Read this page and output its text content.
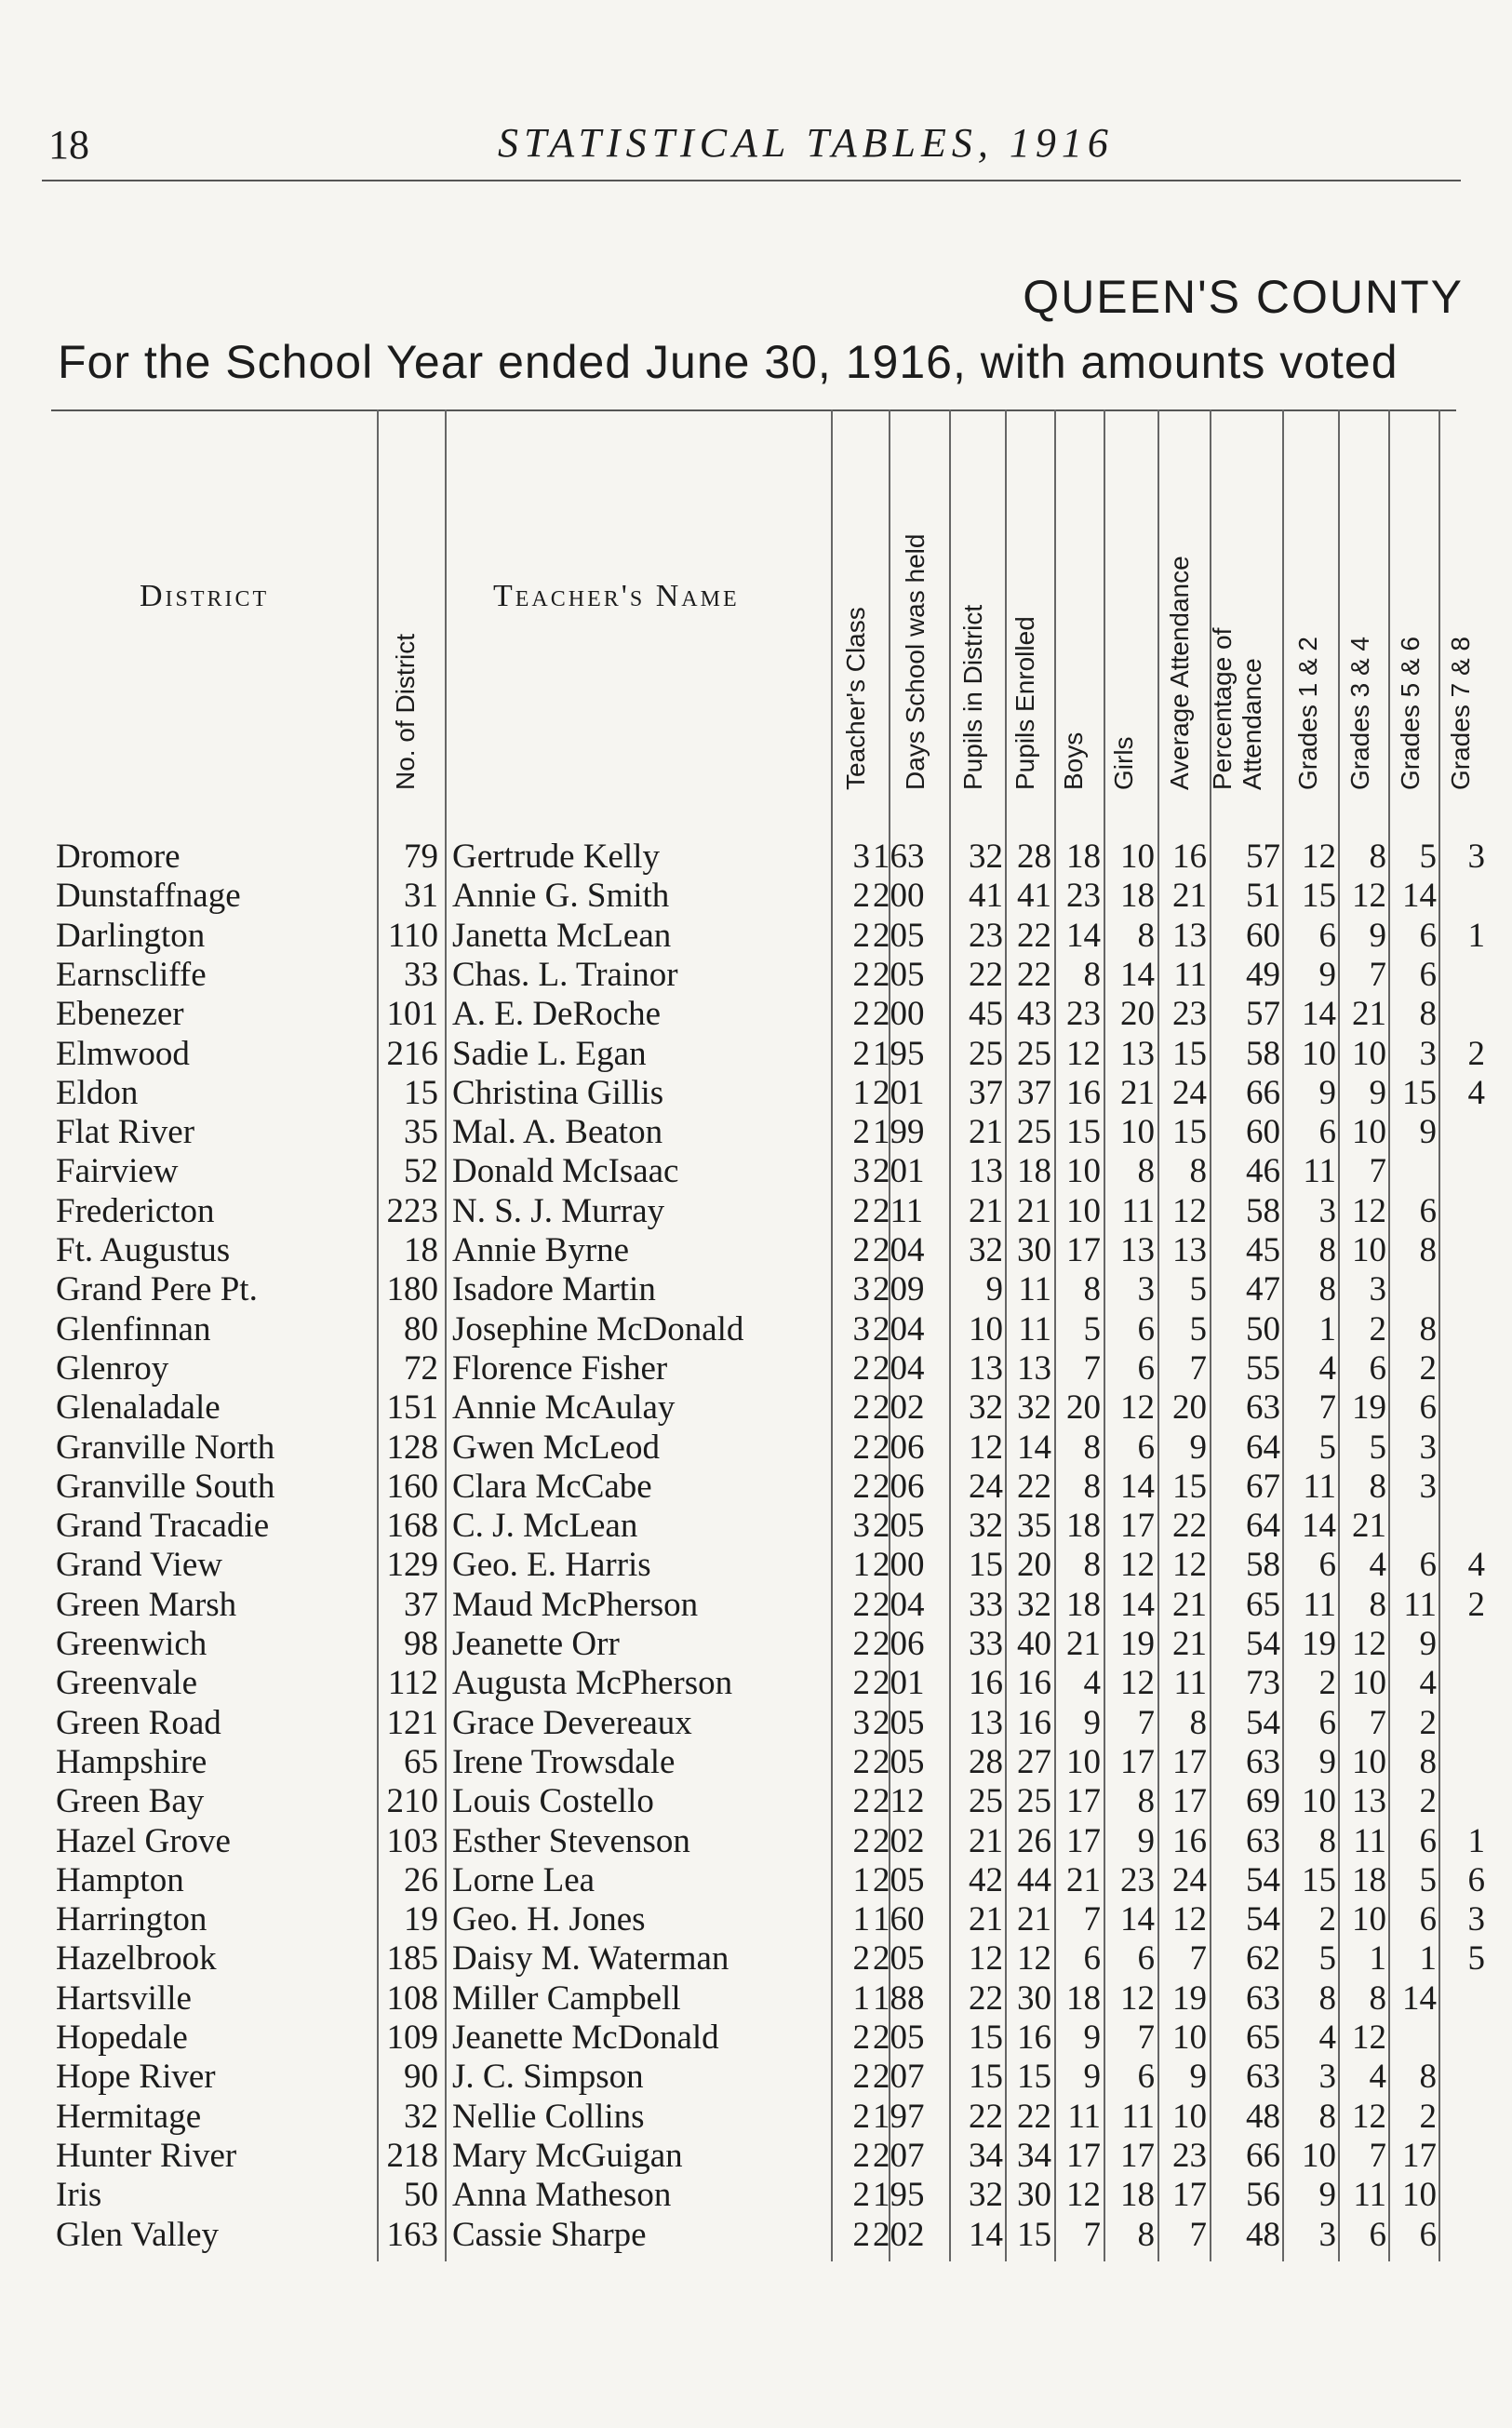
18	STATISTICAL TABLES, 1916
QUEEN'S COUNTY
For the School Year ended June 30, 1916, with amounts voted
District	Teacher's Name
No. of District	Teacher's Class Days School was held Pupils in District Pupils Enrolled Boys Girls Average Attendance Percentage of Attendance Grades 1 & 2 Grades 3 & 4 Grades 5 & 6 Grades 7 & 8
Dromore	79 Gertrude Kelly	3 163	32 28 18 10 16	57 12 8 5 3
Dunstaffnage	31 Annie G. Smith	2 200	41 41 23 18 21	51 15 12 14
Darlington	110 Janetta McLean	2 205	23 22 14	8 13	60	6 9 6 1
Earnscliffe	33 Chas. L. Trainor	2 205	22 22 8 14 11	49	9 7 6
Ebenezer	101 A. E. DeRoche	2 200	45 43 23 20 23	57 14 21 8
Elmwood	216 Sadie L. Egan	2 195	25 25 12 13 15	58 10 10 3 2
Eldon	15 Christina Gillis	1 201	37 37 16 21 24	66	9 9 15 4
Flat River	35 Mal. A. Beaton	2 199	21 25 15 10 15	60	6 10 9
Fairview	52 Donald McIsaac	3 201	13 18 10	8	8	46 11 7
Fredericton	223 N. S. J. Murray	2 211	21 21 10 11 12	58	3 12 6
Ft. Augustus	18 Annie Byrne	2 204	32 30 17 13 13	45	8 10 8
Grand Pere Pt.	180 Isadore Martin	3 209	9 11 8	3	5	47	8 3
Glenfinnan	80 Josephine McDonald	3 204	10 11 5	6	5	50	1 2 8
Glenroy	72 Florence Fisher	2 204	13 13 7	6	7	55	4 6 2
Glenaladale	151 Annie McAulay	2 202	32 32 20 12 20	63	7 19 6
Granville North	128 Gwen McLeod	2 206	12 14 8	6	9	64	5 5 3
Granville South	160 Clara McCabe	2 206	24 22 8 14 15	67 11 8 3
Grand Tracadie	168 C. J. McLean	3 205	32 35 18 17 22	64 14 21
Grand View	129 Geo. E. Harris	1 200	15 20 8 12 12	58	6 4 6 4
Green Marsh	37 Maud McPherson	2 204	33 32 18 14 21	65 11 8 11 2
Greenwich	98 Jeanette Orr	2 206	33 40 21 19 21	54 19 12 9
Greenvale	112 Augusta McPherson	2 201	16 16 4 12 11	73	2 10 4
Green Road	121 Grace Devereaux	3 205	13 16 9	7	8	54	6 7 2
Hampshire	65 Irene Trowsdale	2 205	28 27 10 17 17	63	9 10 8
Green Bay	210 Louis Costello	2 212	25 25 17	8 17	69 10 13 2
Hazel Grove	103 Esther Stevenson	2 202	21 26 17	9 16	63	8 11 6 1
Hampton	26 Lorne Lea	1 205	42 44 21 23 24	54 15 18 5 6
Harrington	19 Geo. H. Jones	1 160	21 21 7 14 12	54	2 10 6 3
Hazelbrook	185 Daisy M. Waterman	2 205	12 12 6	6	7	62	5 1 1 5
Hartsville	108 Miller Campbell	1 188	22 30 18 12 19	63	8 8 14
Hopedale	109 Jeanette McDonald	2 205	15 16 9	7 10	65	4 12
Hope River	90 J. C. Simpson	2 207	15 15 9	6	9	63	3 4 8
Hermitage	32 Nellie Collins	2 197	22 22 11 11 10	48	8 12 2
Hunter River	218 Mary McGuigan	2 207	34 34 17 17 23	66 10 7 17
Iris	50 Anna Matheson	2 195	32 30 12 18 17	56	9 11 10
Glen Valley	163 Cassie Sharpe	2 202	14 15 7	8	7	48	3 6 6
